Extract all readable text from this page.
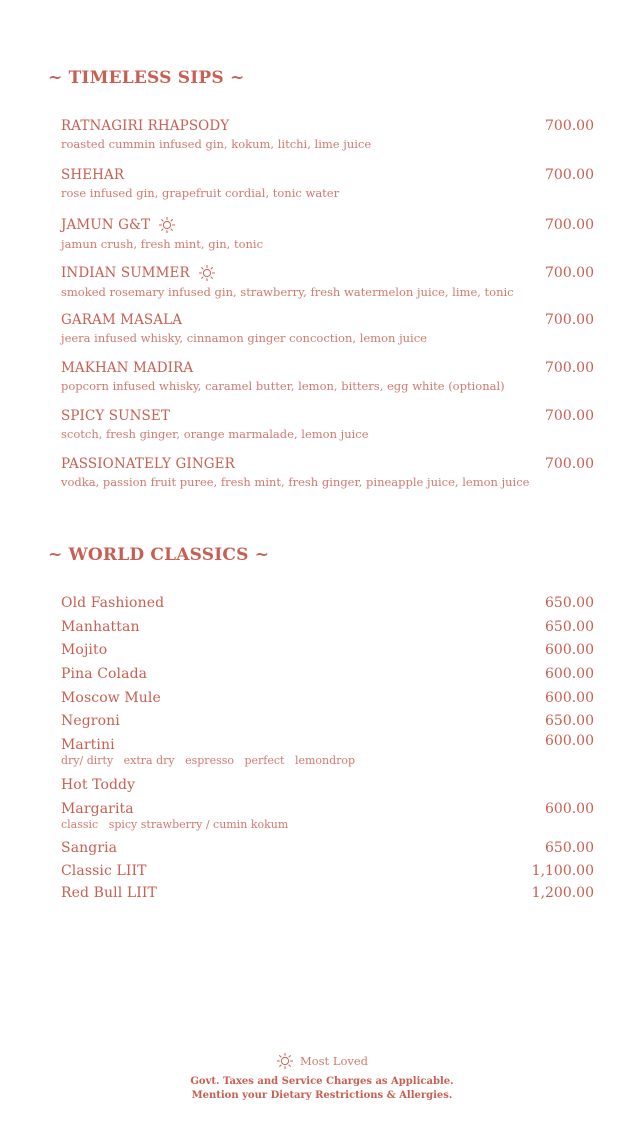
~ TIMELESS SIPS ~
RATNAGIRI RHAPSODY	700.00
roasted cummin infused gin, kokum, litchi, lime juice
SHEHAR	700.00
rose infused gin, grapefruit cordial, tonic water
JAMUN G&T	700.00
jamun crush, fresh mint, gin, tonic
INDIAN SUMMER	700.00
smoked rosemary infused gin, strawberry, fresh watermelon juice, lime, tonic
GARAM MASALA	700.00
jeera infused whisky, cinnamon ginger concoction, lemon juice
MAKHAN MADIRA	700.00
popcorn infused whisky, caramel butter, lemon, bitters, egg white (optional)
SPICY SUNSET	700.00
scotch, fresh ginger, orange marmalade, lemon juice
PASSIONATELY GINGER	700.00
vodka, passion fruit puree, fresh mint, fresh ginger, pineapple juice, lemon juice
~ WORLD CLASSICS ~
Old Fashioned	650.00
Manhattan	650.00
Mojito	600.00
Pina Colada	600.00
Moscow Mule	600.00
Negroni	650.00
Martini	600.00
dry/ dirty   extra dry   espresso   perfect   lemondrop
Hot Toddy
Margarita	600.00
classic   spicy strawberry / cumin kokum
Sangria	650.00
Classic LIIT	1,100.00
Red Bull LIIT	1,200.00
Most Loved
Govt. Taxes and Service Charges as Applicable.
Mention your Dietary Restrictions & Allergies.
